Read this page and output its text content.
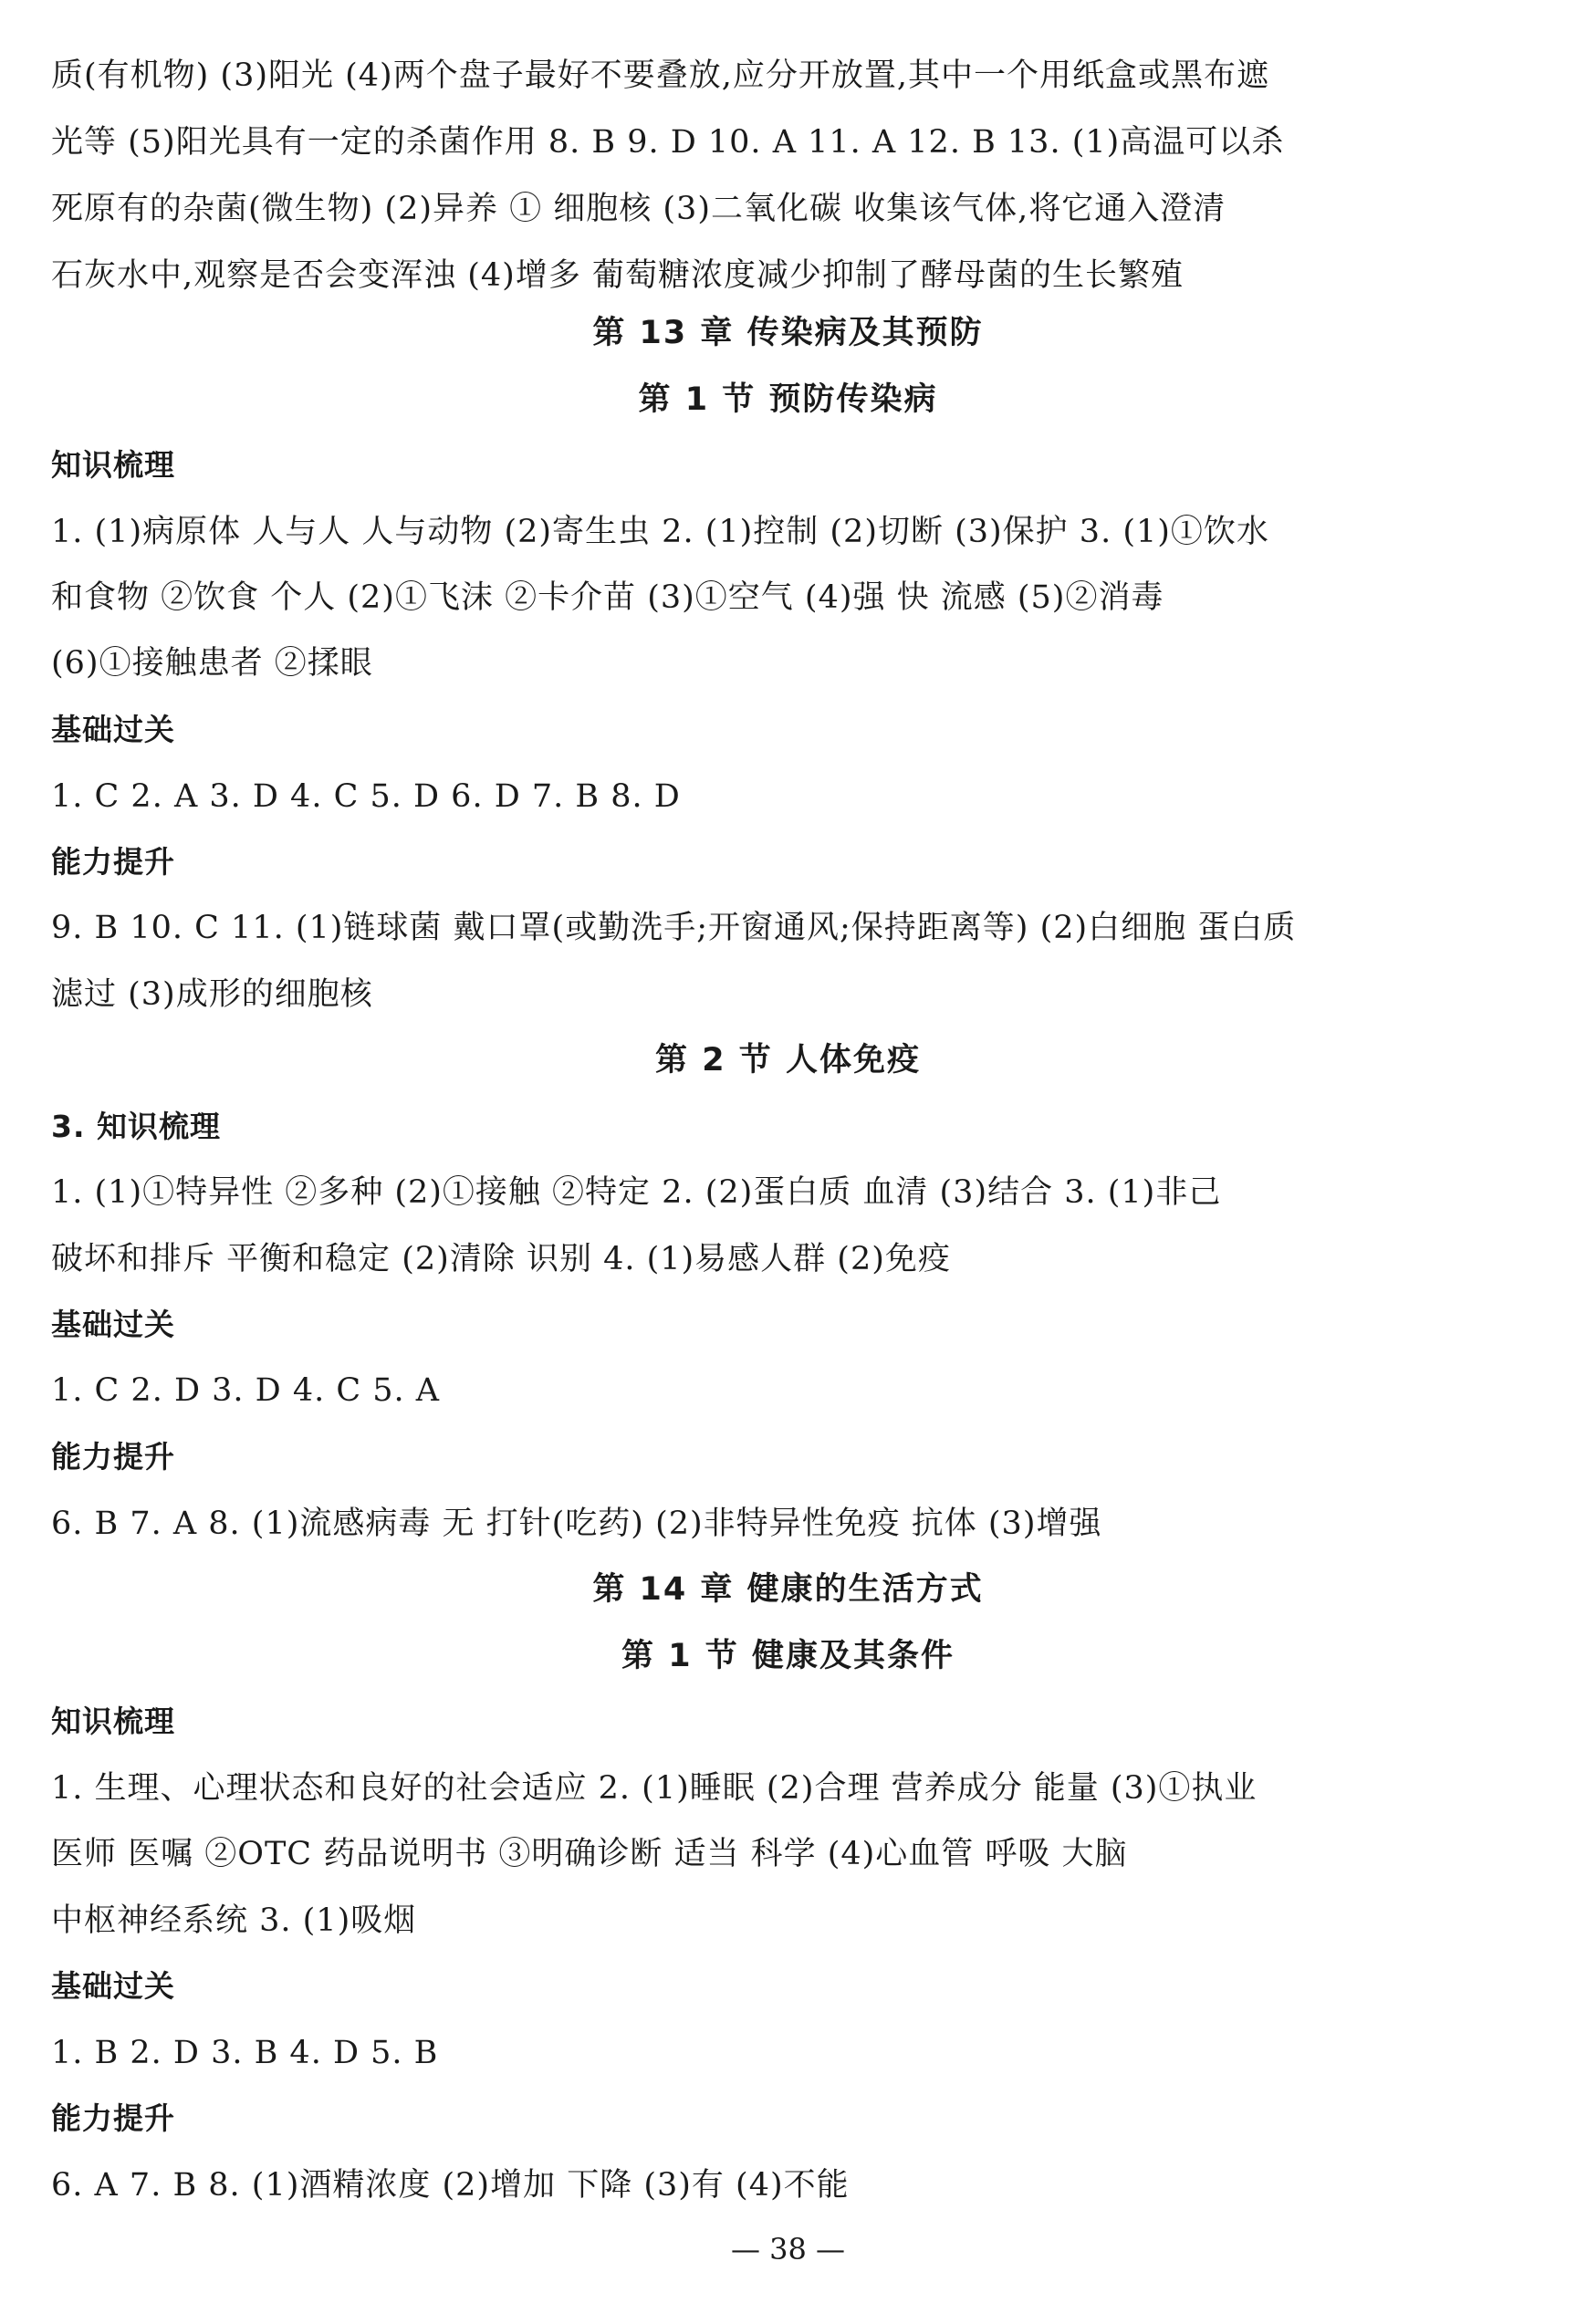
质(有机物) (3)阳光 (4)两个盘子最好不要叠放,应分开放置,其中一个用纸盒或黑布遮
光等 (5)阳光具有一定的杀菌作用 8. B 9. D 10. A 11. A 12. B 13. (1)高温可以杀
死原有的杂菌(微生物) (2)异养 ① 细胞核 (3)二氧化碳 收集该气体,将它通入澄清
石灰水中,观察是否会变浑浊 (4)增多 葡萄糖浓度减少抑制了酵母菌的生长繁殖
第 13 章 传染病及其预防
第 1 节 预防传染病
知识梳理
1. (1)病原体 人与人 人与动物 (2)寄生虫 2. (1)控制 (2)切断 (3)保护 3. (1)①饮水
和食物 ②饮食 个人 (2)①飞沫 ②卡介苗 (3)①空气 (4)强 快 流感 (5)②消毒
(6)①接触患者 ②揉眼
基础过关
1. C 2. A 3. D 4. C 5. D 6. D 7. B 8. D
能力提升
9. B 10. C 11. (1)链球菌 戴口罩(或勤洗手;开窗通风;保持距离等) (2)白细胞 蛋白质
滤过 (3)成形的细胞核
第 2 节 人体免疫
3. 知识梳理
1. (1)①特异性 ②多种 (2)①接触 ②特定 2. (2)蛋白质 血清 (3)结合 3. (1)非己
破坏和排斥 平衡和稳定 (2)清除 识别 4. (1)易感人群 (2)免疫
基础过关
1. C 2. D 3. D 4. C 5. A
能力提升
6. B 7. A 8. (1)流感病毒 无 打针(吃药) (2)非特异性免疫 抗体 (3)增强
第 14 章 健康的生活方式
第 1 节 健康及其条件
知识梳理
1. 生理、心理状态和良好的社会适应 2. (1)睡眠 (2)合理 营养成分 能量 (3)①执业
医师 医嘱 ②OTC 药品说明书 ③明确诊断 适当 科学 (4)心血管 呼吸 大脑
中枢神经系统 3. (1)吸烟
基础过关
1. B 2. D 3. B 4. D 5. B
能力提升
6. A 7. B 8. (1)酒精浓度 (2)增加 下降 (3)有 (4)不能
— 38 —
